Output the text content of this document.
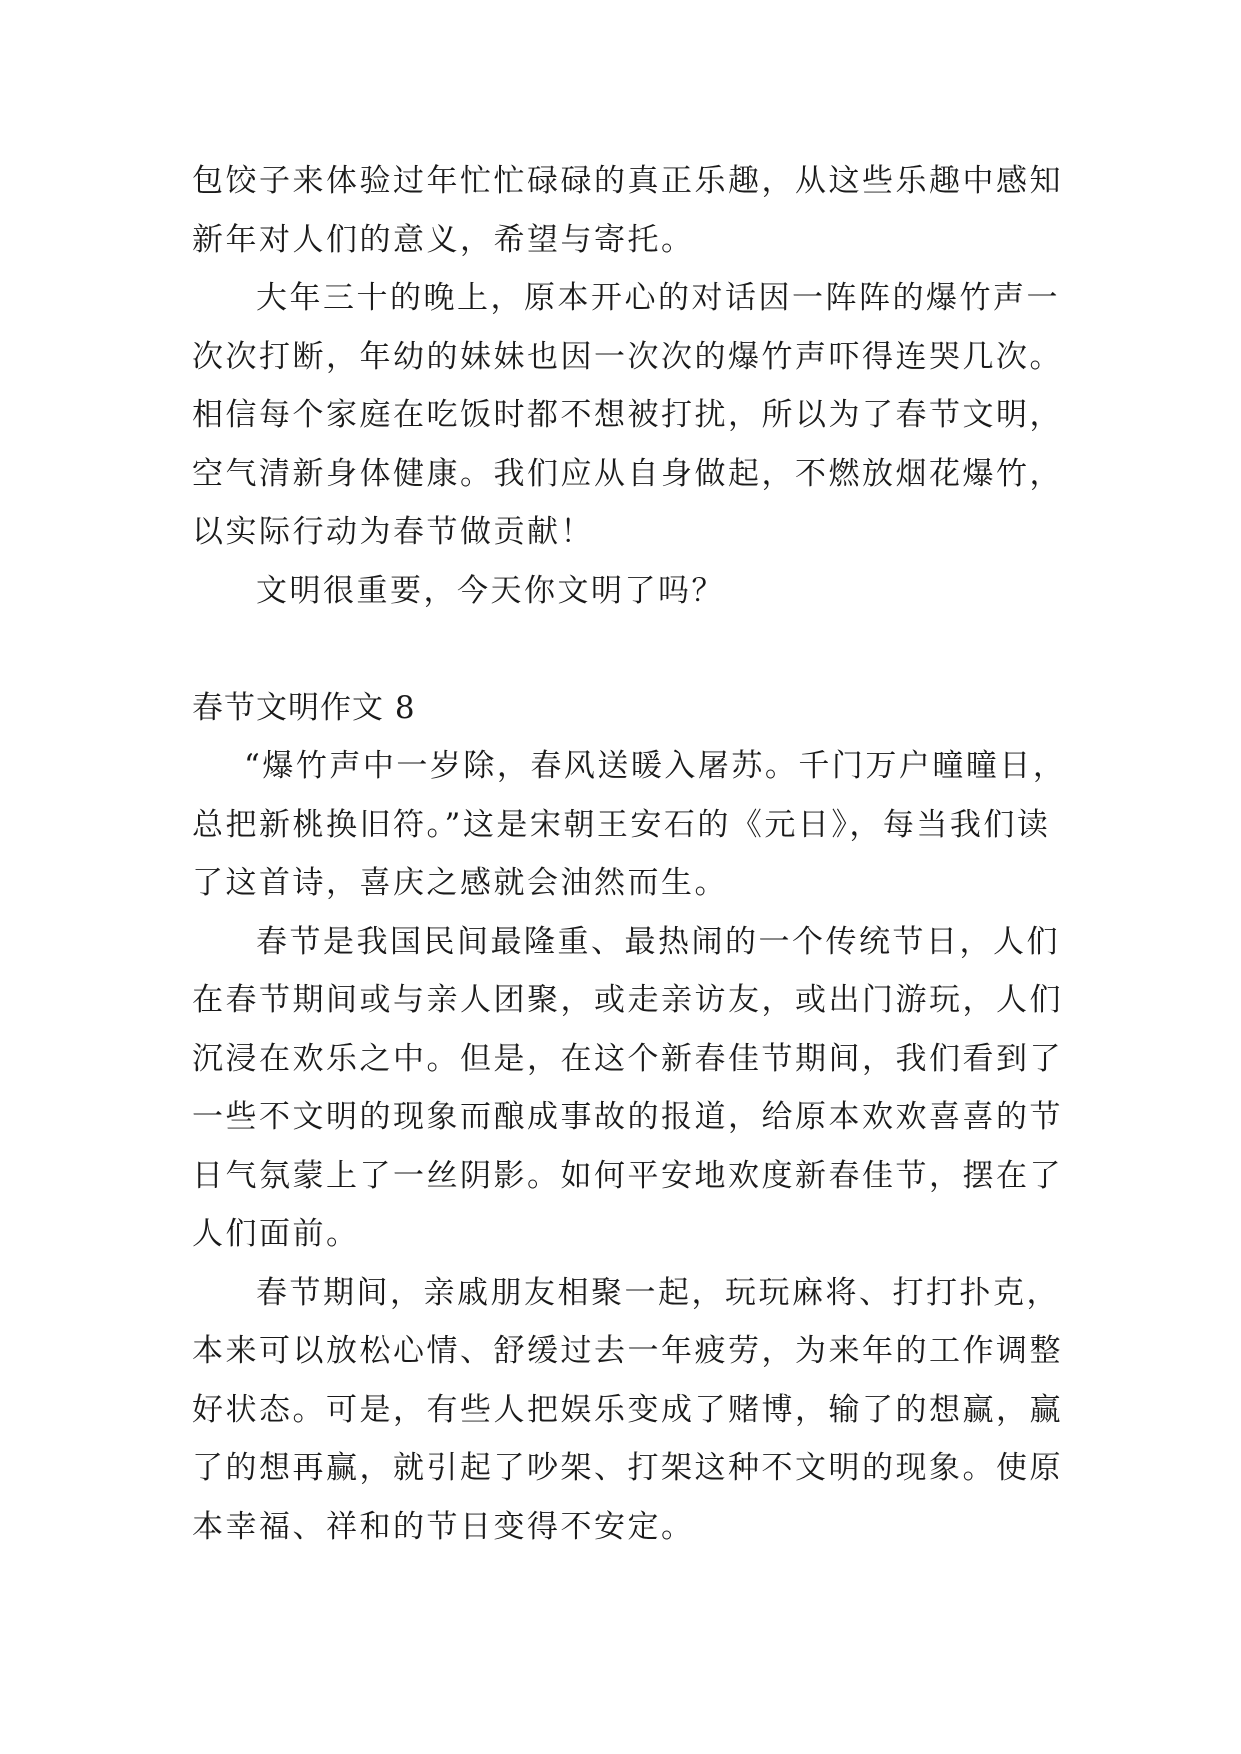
包饺子来体验过年忙忙碌碌的真正乐趣，从这些乐趣中感知
新年对人们的意义，希望与寄托。
大年三十的晚上，原本开心的对话因一阵阵的爆竹声一
次次打断，年幼的妹妹也因一次次的爆竹声吓得连哭几次。
相信每个家庭在吃饭时都不想被打扰，所以为了春节文明，
空气清新身体健康。我们应从自身做起，不燃放烟花爆竹，
以实际行动为春节做贡献！
文明很重要，今天你文明了吗？
春节文明作文 8
“爆竹声中一岁除，春风送暖入屠苏。千门万户曈曈日，
总把新桃换旧符。”这是宋朝王安石的《元日》，每当我们读
了这首诗，喜庆之感就会油然而生。
春节是我国民间最隆重、最热闹的一个传统节日，人们
在春节期间或与亲人团聚，或走亲访友，或出门游玩，人们
沉浸在欢乐之中。但是，在这个新春佳节期间，我们看到了
一些不文明的现象而酿成事故的报道，给原本欢欢喜喜的节
日气氛蒙上了一丝阴影。如何平安地欢度新春佳节，摆在了
人们面前。
春节期间，亲戚朋友相聚一起，玩玩麻将、打打扑克，
本来可以放松心情、舒缓过去一年疲劳，为来年的工作调整
好状态。可是，有些人把娱乐变成了赌博，输了的想赢，赢
了的想再赢，就引起了吵架、打架这种不文明的现象。使原
本幸福、祥和的节日变得不安定。
